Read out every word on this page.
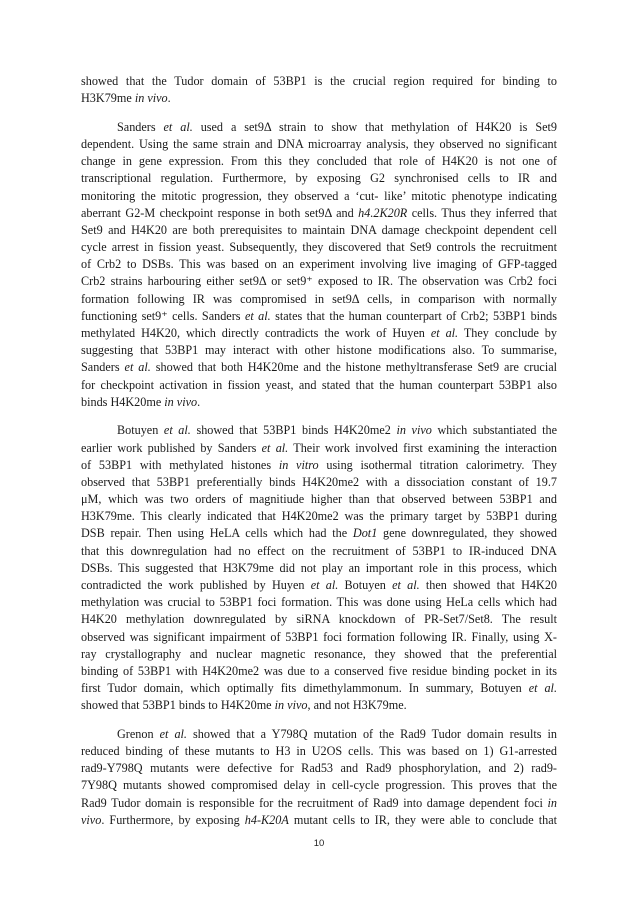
showed that the Tudor domain of 53BP1 is the crucial region required for binding to
H3K79me in vivo.
Sanders et al. used a set9Δ strain to show that methylation of H4K20 is Set9
dependent. Using the same strain and DNA microarray analysis, they observed no significant
change in gene expression. From this they concluded that role of H4K20 is not one of
transcriptional regulation. Furthermore, by exposing G2 synchronised cells to IR and
monitoring the mitotic progression, they observed a ‘cut- like’ mitotic phenotype indicating
aberrant G2-M checkpoint response in both set9Δ and h4.2K20R cells. Thus they inferred that
Set9 and H4K20 are both prerequisites to maintain DNA damage checkpoint dependent cell
cycle arrest in fission yeast. Subsequently, they discovered that Set9 controls the recruitment
of Crb2 to DSBs. This was based on an experiment involving live imaging of GFP-tagged
Crb2 strains harbouring either set9Δ or set9⁺ exposed to IR. The observation was Crb2 foci
formation following IR was compromised in set9Δ cells, in comparison with normally
functioning set9⁺ cells. Sanders et al. states that the human counterpart of Crb2; 53BP1 binds
methylated H4K20, which directly contradicts the work of Huyen et al. They conclude by
suggesting that 53BP1 may interact with other histone modifications also. To summarise,
Sanders et al. showed that both H4K20me and the histone methyltransferase Set9 are crucial
for checkpoint activation in fission yeast, and stated that the human counterpart 53BP1 also
binds H4K20me in vivo.
Botuyen et al. showed that 53BP1 binds H4K20me2 in vivo which substantiated the
earlier work published by Sanders et al. Their work involved first examining the interaction
of 53BP1 with methylated histones in vitro using isothermal titration calorimetry. They
observed that 53BP1 preferentially binds H4K20me2 with a dissociation constant of 19.7
μM, which was two orders of magnitiude higher than that observed between 53BP1 and
H3K79me. This clearly indicated that H4K20me2 was the primary target by 53BP1 during
DSB repair. Then using HeLA cells which had the Dot1 gene downregulated, they showed
that this downregulation had no effect on the recruitment of 53BP1 to IR-induced DNA
DSBs. This suggested that H3K79me did not play an important role in this process, which
contradicted the work published by Huyen et al. Botuyen et al. then showed that H4K20
methylation was crucial to 53BP1 foci formation. This was done using HeLa cells which had
H4K20 methylation downregulated by siRNA knockdown of PR-Set7/Set8. The result
observed was significant impairment of 53BP1 foci formation following IR. Finally, using X-
ray crystallography and nuclear magnetic resonance, they showed that the preferential
binding of 53BP1 with H4K20me2 was due to a conserved five residue binding pocket in its
first Tudor domain, which optimally fits dimethylammonum. In summary, Botuyen et al.
showed that 53BP1 binds to H4K20me in vivo, and not H3K79me.
Grenon et al. showed that a Y798Q mutation of the Rad9 Tudor domain results in
reduced binding of these mutants to H3 in U2OS cells. This was based on 1) G1-arrested
rad9-Y798Q mutants were defective for Rad53 and Rad9 phosphorylation, and 2) rad9-
7Y98Q mutants showed compromised delay in cell-cycle progression. This proves that the
Rad9 Tudor domain is responsible for the recruitment of Rad9 into damage dependent foci in
vivo. Furthermore, by exposing h4-K20A mutant cells to IR, they were able to conclude that
10
